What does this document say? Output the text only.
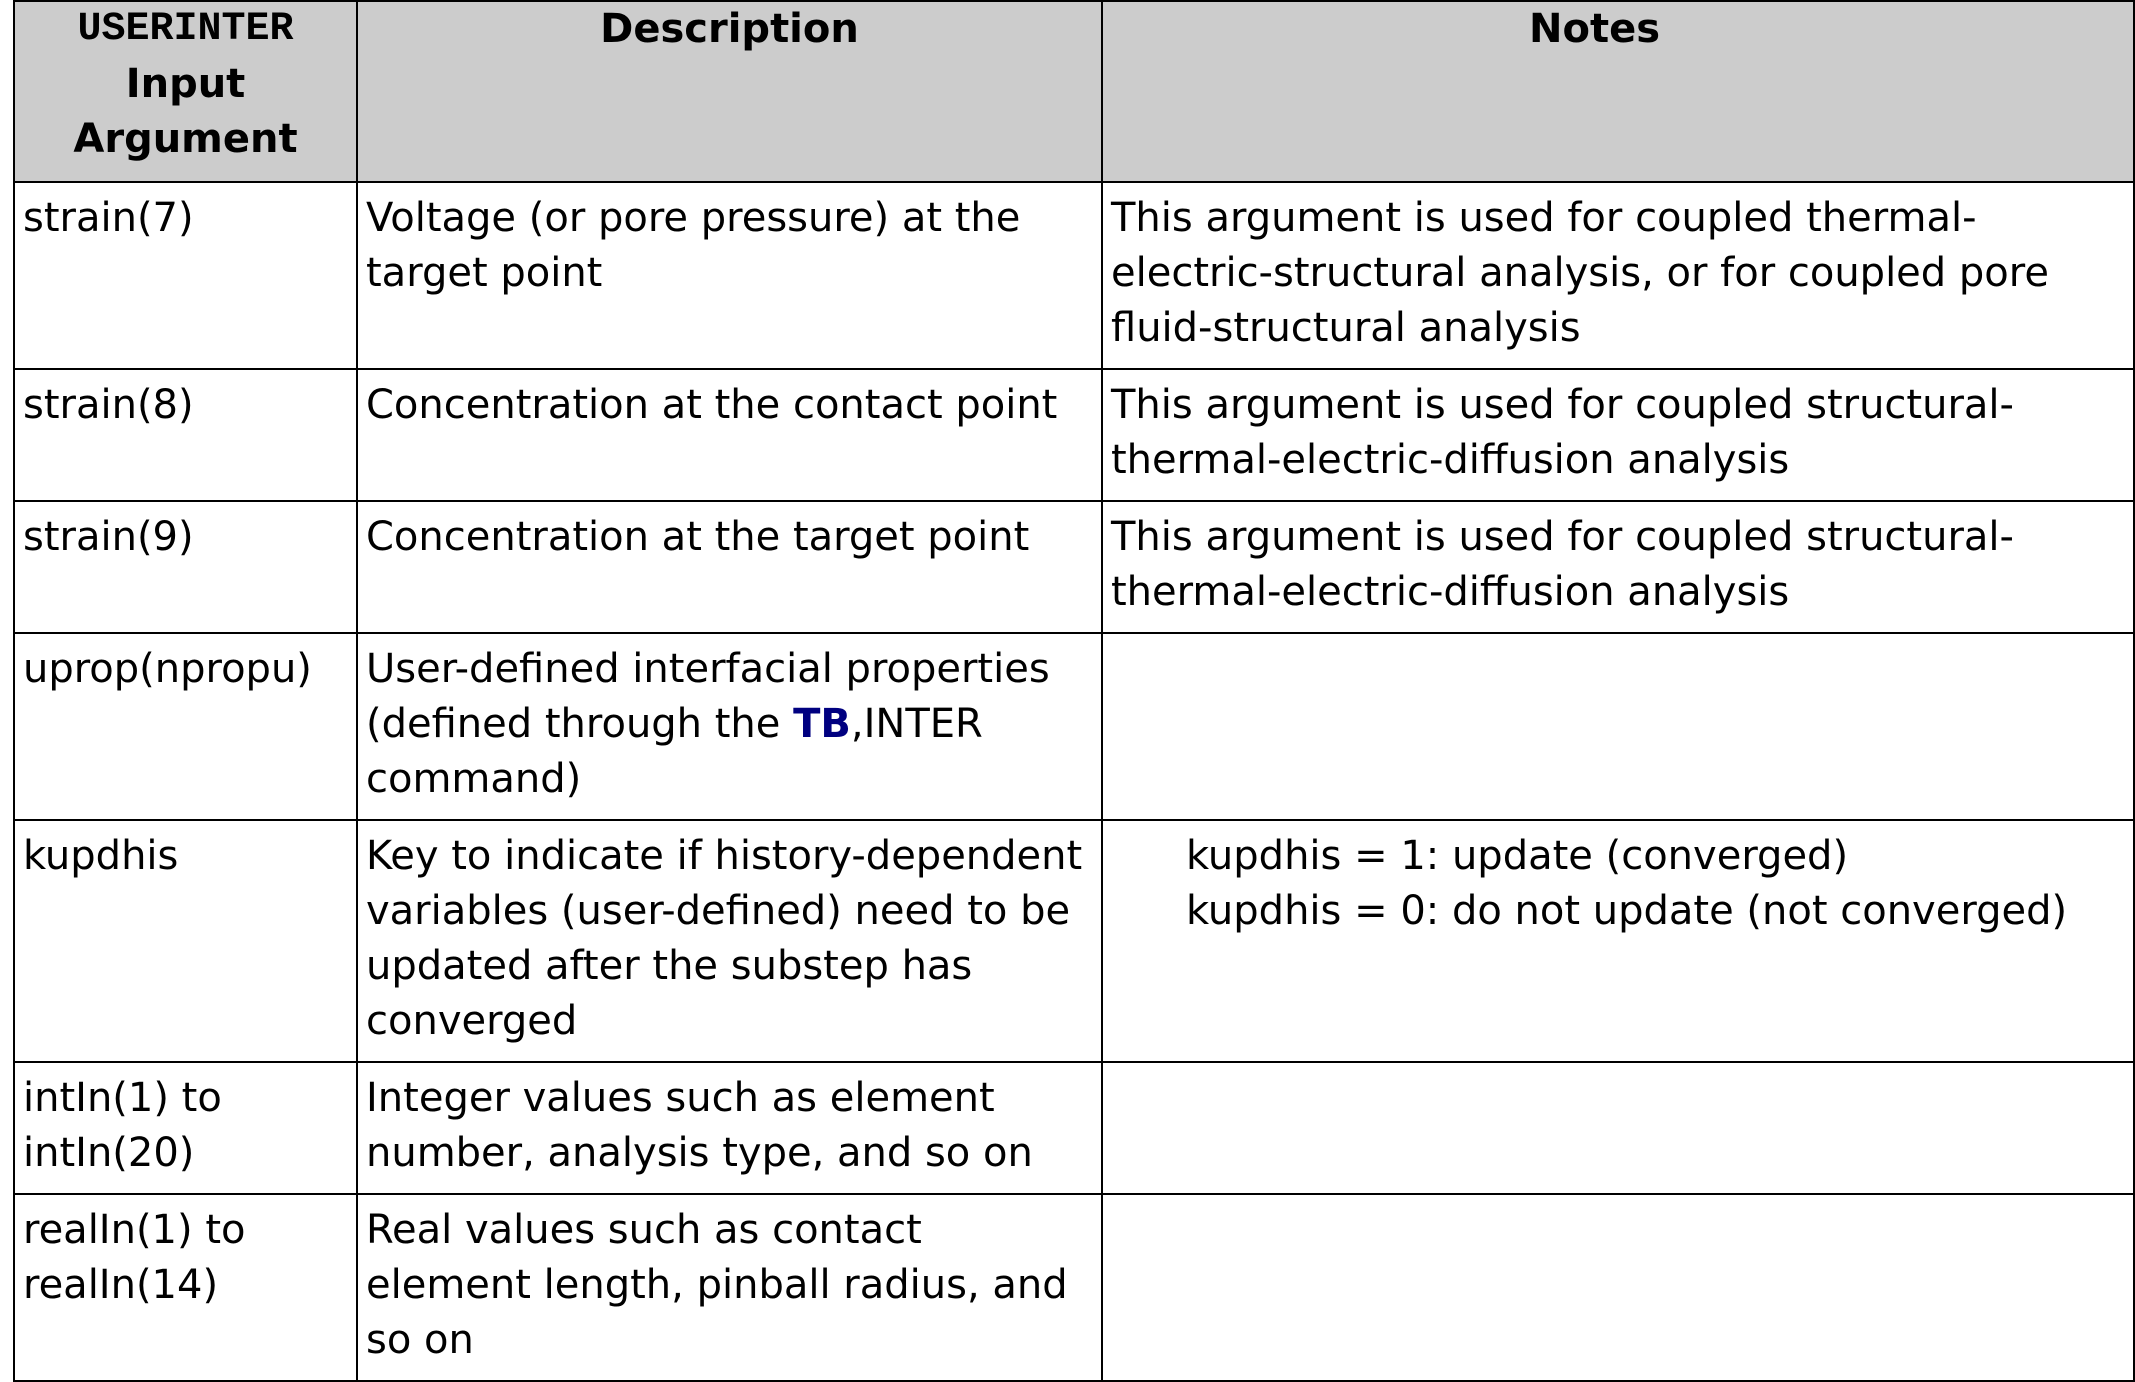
USERINTER
Input Argument	Description	Notes
strain(7)	Voltage (or pore pressure) at the target point	This argument is used for coupled thermal-electric-structural analysis, or for coupled pore fluid-structural analysis
strain(8)	Concentration at the contact point	This argument is used for coupled structural-thermal-electric-diffusion analysis
strain(9)	Concentration at the target point	This argument is used for coupled structural-thermal-electric-diffusion analysis
uprop(npropu)	User-defined interfacial properties (defined through the TB,INTER command)	
kupdhis	Key to indicate if history-dependent variables (user-defined) need to be updated after the substep has converged	kupdhis = 1: update (converged)
kupdhis = 0: do not update (not converged)

intIn(1) to intIn(20)	Integer values such as element number, analysis type, and so on	
realIn(1) to realIn(14)	Real values such as contact element length, pinball radius, and so on	
